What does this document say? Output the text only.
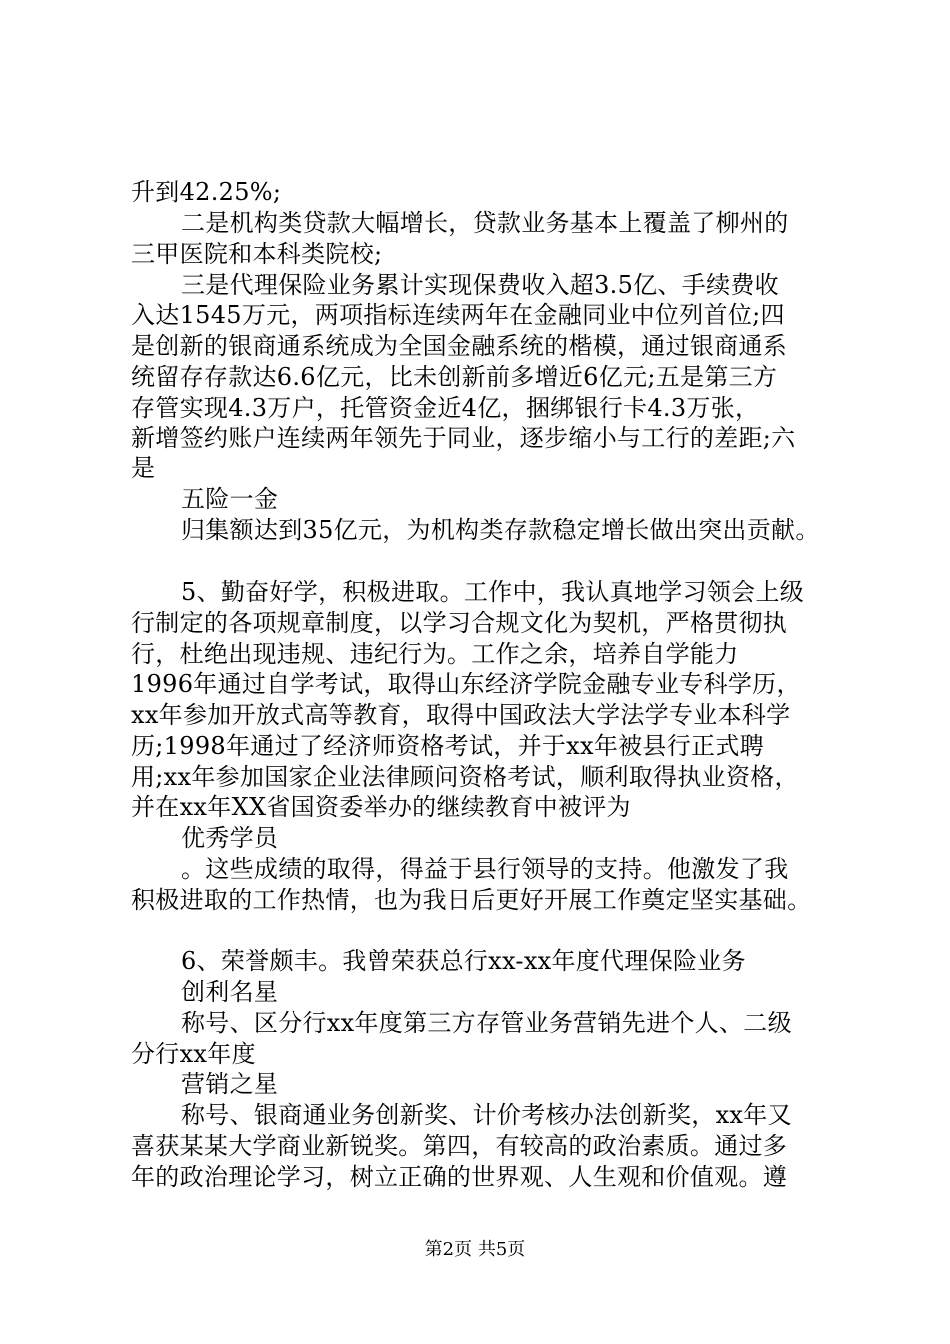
升到42.25%;
二是机构类贷款大幅增长，贷款业务基本上覆盖了柳州的
三甲医院和本科类院校;
三是代理保险业务累计实现保费收入超3.5亿、手续费收
入达1545万元，两项指标连续两年在金融同业中位列首位;四
是创新的银商通系统成为全国金融系统的楷模，通过银商通系
统留存存款达6.6亿元，比未创新前多增近6亿元;五是第三方
存管实现4.3万户，托管资金近4亿，捆绑银行卡4.3万张，
新增签约账户连续两年领先于同业，逐步缩小与工行的差距;六
是
五险一金
归集额达到35亿元，为机构类存款稳定增长做出突出贡献。
5、勤奋好学，积极进取。工作中，我认真地学习领会上级
行制定的各项规章制度，以学习合规文化为契机，严格贯彻执
行，杜绝出现违规、违纪行为。工作之余，培养自学能力
1996年通过自学考试，取得山东经济学院金融专业专科学历，
xx年参加开放式高等教育，取得中国政法大学法学专业本科学
历;1998年通过了经济师资格考试，并于xx年被县行正式聘
用;xx年参加国家企业法律顾问资格考试，顺利取得执业资格，
并在xx年XX省国资委举办的继续教育中被评为
优秀学员
。这些成绩的取得，得益于县行领导的支持。他激发了我
积极进取的工作热情，也为我日后更好开展工作奠定坚实基础。
6、荣誉颇丰。我曾荣获总行xx-xx年度代理保险业务
创利名星
称号、区分行xx年度第三方存管业务营销先进个人、二级
分行xx年度
营销之星
称号、银商通业务创新奖、计价考核办法创新奖，xx年又
喜获某某大学商业新锐奖。第四，有较高的政治素质。通过多
年的政治理论学习，树立正确的世界观、人生观和价值观。遵
第2页 共5页
